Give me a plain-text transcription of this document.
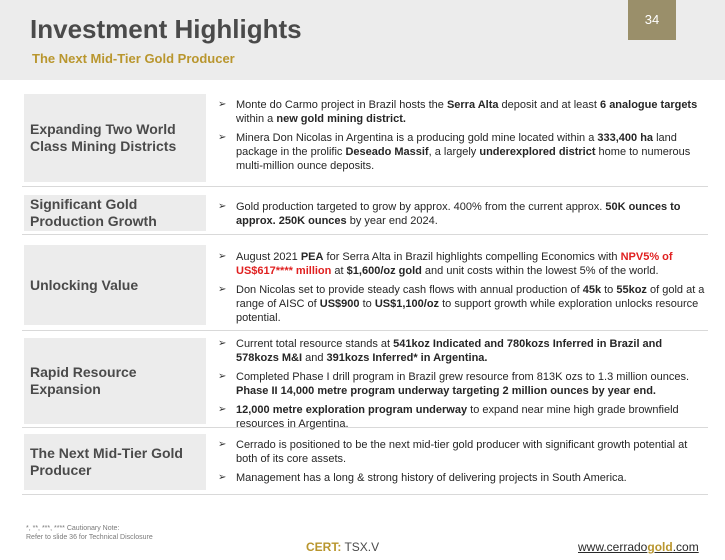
Investment Highlights
The Next Mid-Tier Gold Producer
34
Expanding Two World Class Mining Districts
➢ Monte do Carmo project in Brazil hosts the Serra Alta deposit and at least 6 analogue targets within a new gold mining district.
➢ Minera Don Nicolas in Argentina is a producing gold mine located within a 333,400 ha land package in the prolific Deseado Massif, a largely underexplored district home to numerous multi-million ounce deposits.
Significant Gold Production Growth
➢ Gold production targeted to grow by approx. 400% from the current approx. 50K ounces to approx. 250K ounces by year end 2024.
Unlocking Value
➢ August 2021 PEA for Serra Alta in Brazil highlights compelling Economics with NPV5% of US$617**** million at $1,600/oz gold and unit costs within the lowest 5% of the world.
➢ Don Nicolas set to provide steady cash flows with annual production of 45k to 55koz of gold at a range of AISC of US$900 to US$1,100/oz to support growth while exploration unlocks resource potential.
Rapid Resource Expansion
➢ Current total resource stands at 541koz Indicated and 780kozs Inferred in Brazil and 578kozs M&I and 391kozs Inferred* in Argentina.
➢ Completed Phase I drill program in Brazil grew resource from 813K ozs to 1.3 million ounces. Phase II 14,000 metre program underway targeting 2 million ounces by year end.
➢ 12,000 metre exploration program underway to expand near mine high grade brownfield resources in Argentina.
The Next Mid-Tier Gold Producer
➢ Cerrado is positioned to be the next mid-tier gold producer with significant growth potential at both of its core assets.
➢ Management has a long & strong history of delivering projects in South America.
*, **, ***, **** Cautionary Note:
Refer to slide 36 for Technical Disclosure
CERT: TSX.V	www.cerradogold.com
